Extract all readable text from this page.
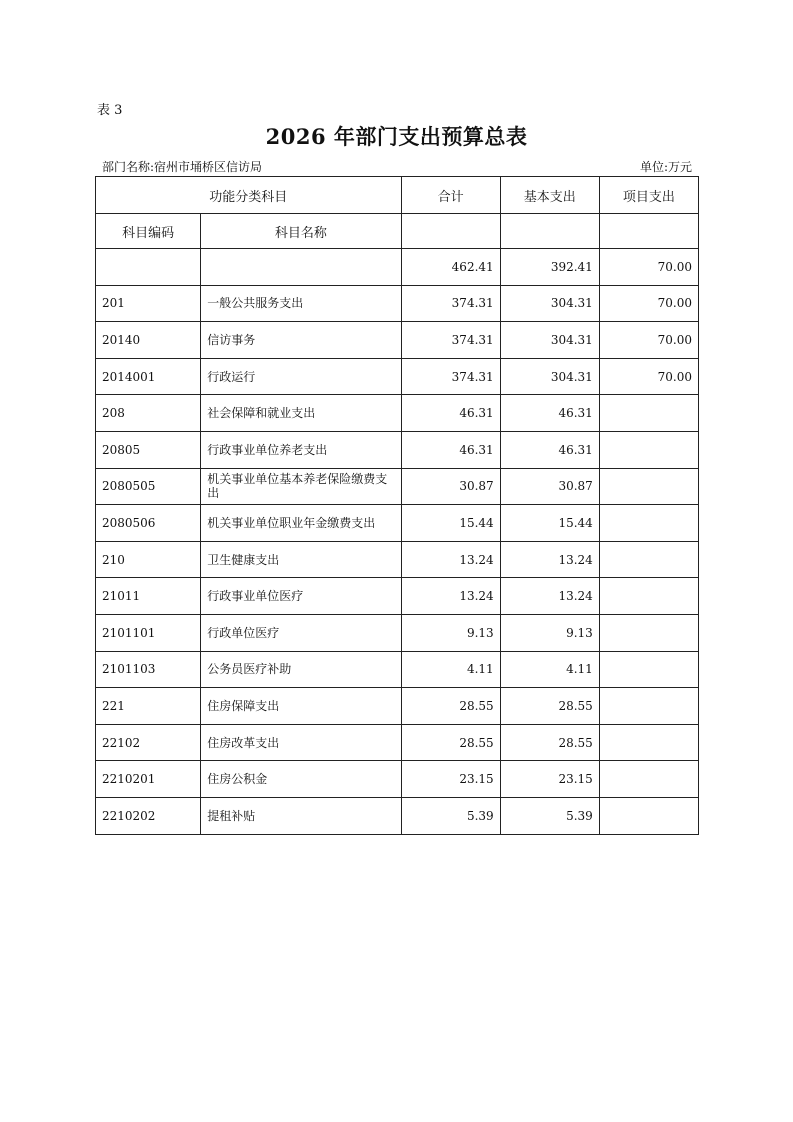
表 3
2026 年部门支出预算总表
部门名称:宿州市埇桥区信访局	单位:万元
功能分类科目		合计	基本支出	项目支出
科目编码	科目名称			
		462.41	392.41	70.00
201	一般公共服务支出	374.31	304.31	70.00
20140	信访事务	374.31	304.31	70.00
2014001	行政运行	374.31	304.31	70.00
208	社会保障和就业支出	46.31	46.31	
20805	行政事业单位养老支出	46.31	46.31	
2080505	机关事业单位基本养老保险缴费支出	30.87	30.87	
2080506	机关事业单位职业年金缴费支出	15.44	15.44	
210	卫生健康支出	13.24	13.24	
21011	行政事业单位医疗	13.24	13.24	
2101101	行政单位医疗	9.13	9.13	
2101103	公务员医疗补助	4.11	4.11	
221	住房保障支出	28.55	28.55	
22102	住房改革支出	28.55	28.55	
2210201	住房公积金	23.15	23.15	
2210202	提租补贴	5.39	5.39	
